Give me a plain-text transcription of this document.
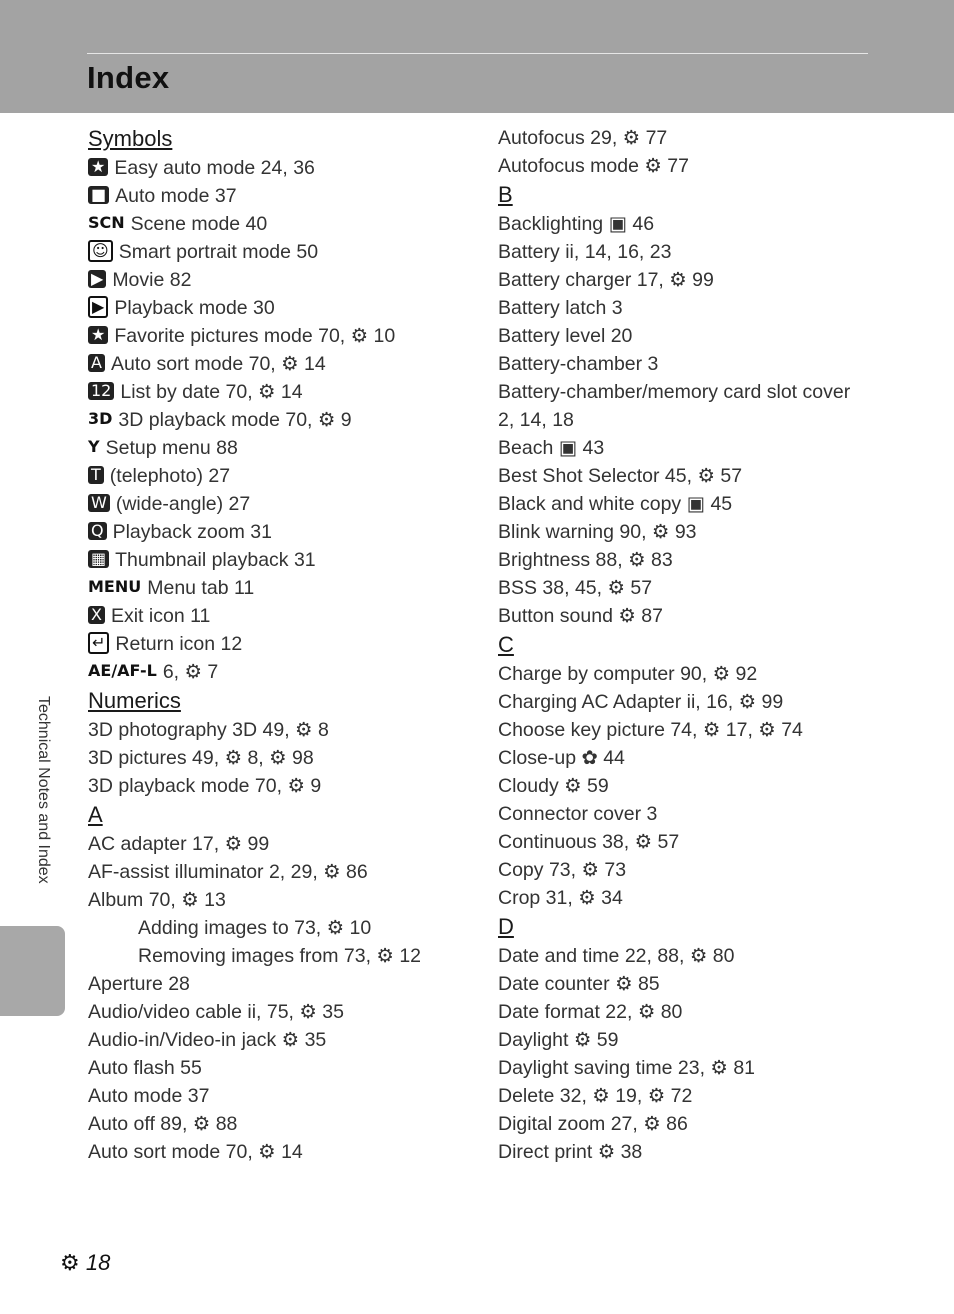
Index
Technical Notes and Index
Symbols
★ Easy auto mode 24, 36
■ Auto mode 37
SCN Scene mode 40
☺ Smart portrait mode 50
▶ Movie 82
▶ Playback mode 30
★ Favorite pictures mode 70, ⚙ 10
A Auto sort mode 70, ⚙ 14
12 List by date 70, ⚙ 14
3D 3D playback mode 70, ⚙ 9
Y Setup menu 88
T (telephoto) 27
W (wide-angle) 27
Q Playback zoom 31
▦ Thumbnail playback 31
MENU Menu tab 11
X Exit icon 11
↵ Return icon 12
AE/AF-L 6, ⚙ 7
Numerics
3D photography 3D 49, ⚙ 8
3D pictures 49, ⚙ 8, ⚙ 98
3D playback mode 70, ⚙ 9
A
AC adapter 17, ⚙ 99
AF-assist illuminator 2, 29, ⚙ 86
Album 70, ⚙ 13
Adding images to 73, ⚙ 10
Removing images from 73, ⚙ 12
Aperture 28
Audio/video cable ii, 75, ⚙ 35
Audio-in/Video-in jack ⚙ 35
Auto flash 55
Auto mode 37
Auto off 89, ⚙ 88
Auto sort mode 70, ⚙ 14
Autofocus 29, ⚙ 77
Autofocus mode ⚙ 77
B
Backlighting ▣ 46
Battery ii, 14, 16, 23
Battery charger 17, ⚙ 99
Battery latch 3
Battery level 20
Battery-chamber 3
Battery-chamber/memory card slot cover
2, 14, 18
Beach ▣ 43
Best Shot Selector 45, ⚙ 57
Black and white copy ▣ 45
Blink warning 90, ⚙ 93
Brightness 88, ⚙ 83
BSS 38, 45, ⚙ 57
Button sound ⚙ 87
C
Charge by computer 90, ⚙ 92
Charging AC Adapter ii, 16, ⚙ 99
Choose key picture 74, ⚙ 17, ⚙ 74
Close-up ✿ 44
Cloudy ⚙ 59
Connector cover 3
Continuous 38, ⚙ 57
Copy 73, ⚙ 73
Crop 31, ⚙ 34
D
Date and time 22, 88, ⚙ 80
Date counter ⚙ 85
Date format 22, ⚙ 80
Daylight ⚙ 59
Daylight saving time 23, ⚙ 81
Delete 32, ⚙ 19, ⚙ 72
Digital zoom 27, ⚙ 86
Direct print ⚙ 38
⚙ 18
